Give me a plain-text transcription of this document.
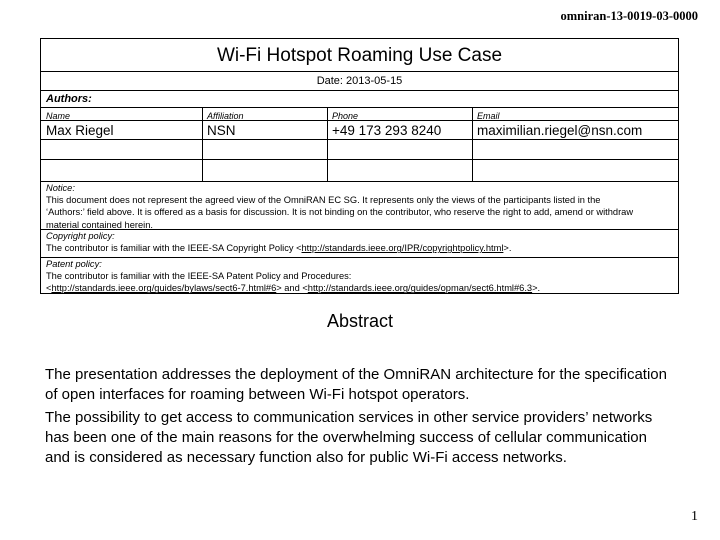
omniran-13-0019-03-0000
Wi-Fi Hotspot Roaming Use Case
Date: 2013-05-15
Authors:
Name	Affiliation	Phone	Email
Max Riegel	NSN	+49 173 293 8240	maximilian.riegel@nsn.com
Notice:
This document does not represent the agreed view of the OmniRAN EC SG. It represents only the views of the participants listed in the
‘Authors:’ field above. It is offered as a basis for discussion. It is not binding on the contributor, who reserve the right to add, amend or withdraw
material contained herein.
Copyright policy:
The contributor is familiar with the IEEE-SA Copyright Policy <http://standards.ieee.org/IPR/copyrightpolicy.html>.
Patent policy:
The contributor is familiar with the IEEE-SA Patent Policy and Procedures:
<http://standards.ieee.org/guides/bylaws/sect6-7.html#6> and <http://standards.ieee.org/guides/opman/sect6.html#6.3>.
Abstract
The presentation addresses the deployment of the OmniRAN architecture for the specification of open interfaces for roaming between Wi-Fi hotspot operators.
The possibility to get access to communication services in other service providers’ networks has been one of the main reasons for the overwhelming success of cellular communication and is considered as necessary function also for public Wi-Fi access networks.
1
